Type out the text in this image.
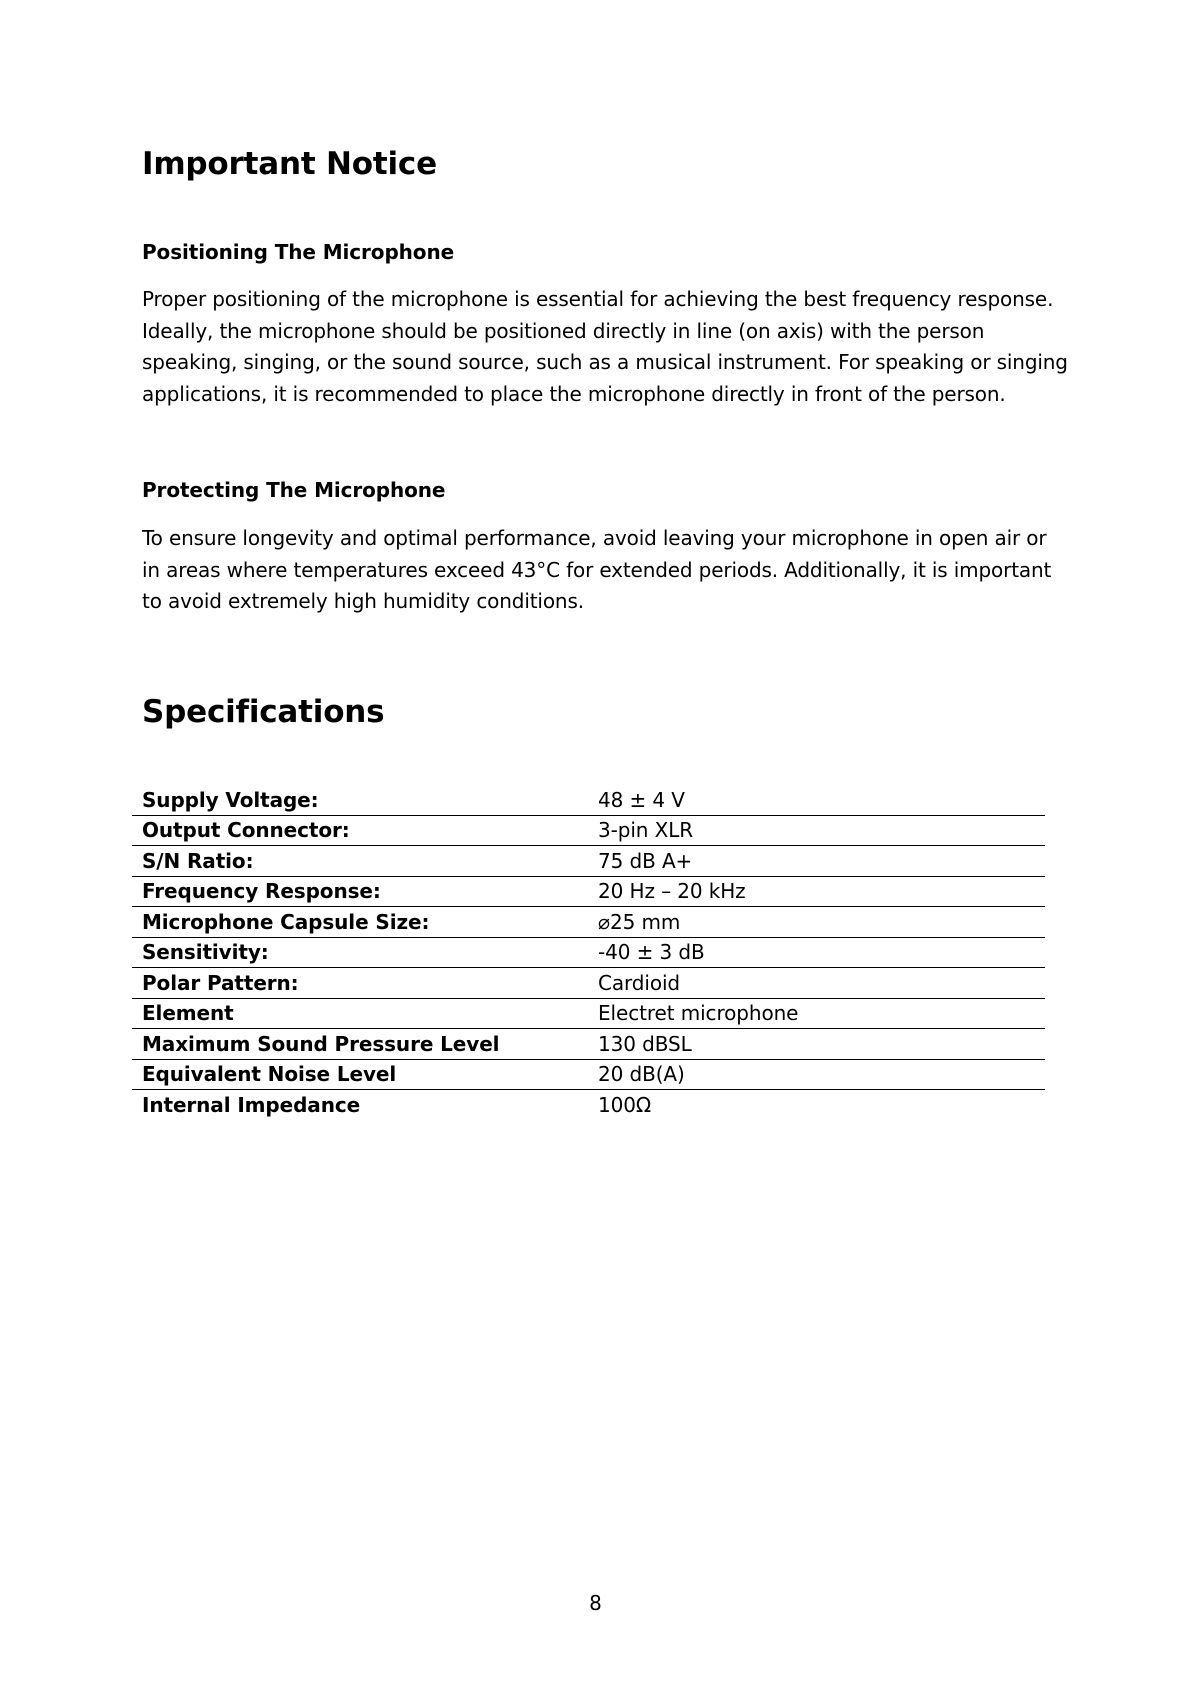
Important Notice
Positioning The Microphone

Proper positioning of the microphone is essential for achieving the best frequency response.
Ideally, the microphone should be positioned directly in line (on axis) with the person
speaking, singing, or the sound source, such as a musical instrument. For speaking or singing
applications, it is recommended to place the microphone directly in front of the person.

Protecting The Microphone

To ensure longevity and optimal performance, avoid leaving your microphone in open air or
in areas where temperatures exceed 43°C for extended periods. Additionally, it is important
to avoid extremely high humidity conditions.

Specifications
Supply Voltage:	48 ± 4 V
Output Connector:	3-pin XLR
S/N Ratio:	75 dB A+
Frequency Response:	20 Hz – 20 kHz
Microphone Capsule Size:	⌀25 mm
Sensitivity:	-40 ± 3 dB
Polar Pattern:	Cardioid
Element	Electret microphone
Maximum Sound Pressure Level	130 dBSL
Equivalent Noise Level	20 dB(A)
Internal Impedance	100Ω
8
